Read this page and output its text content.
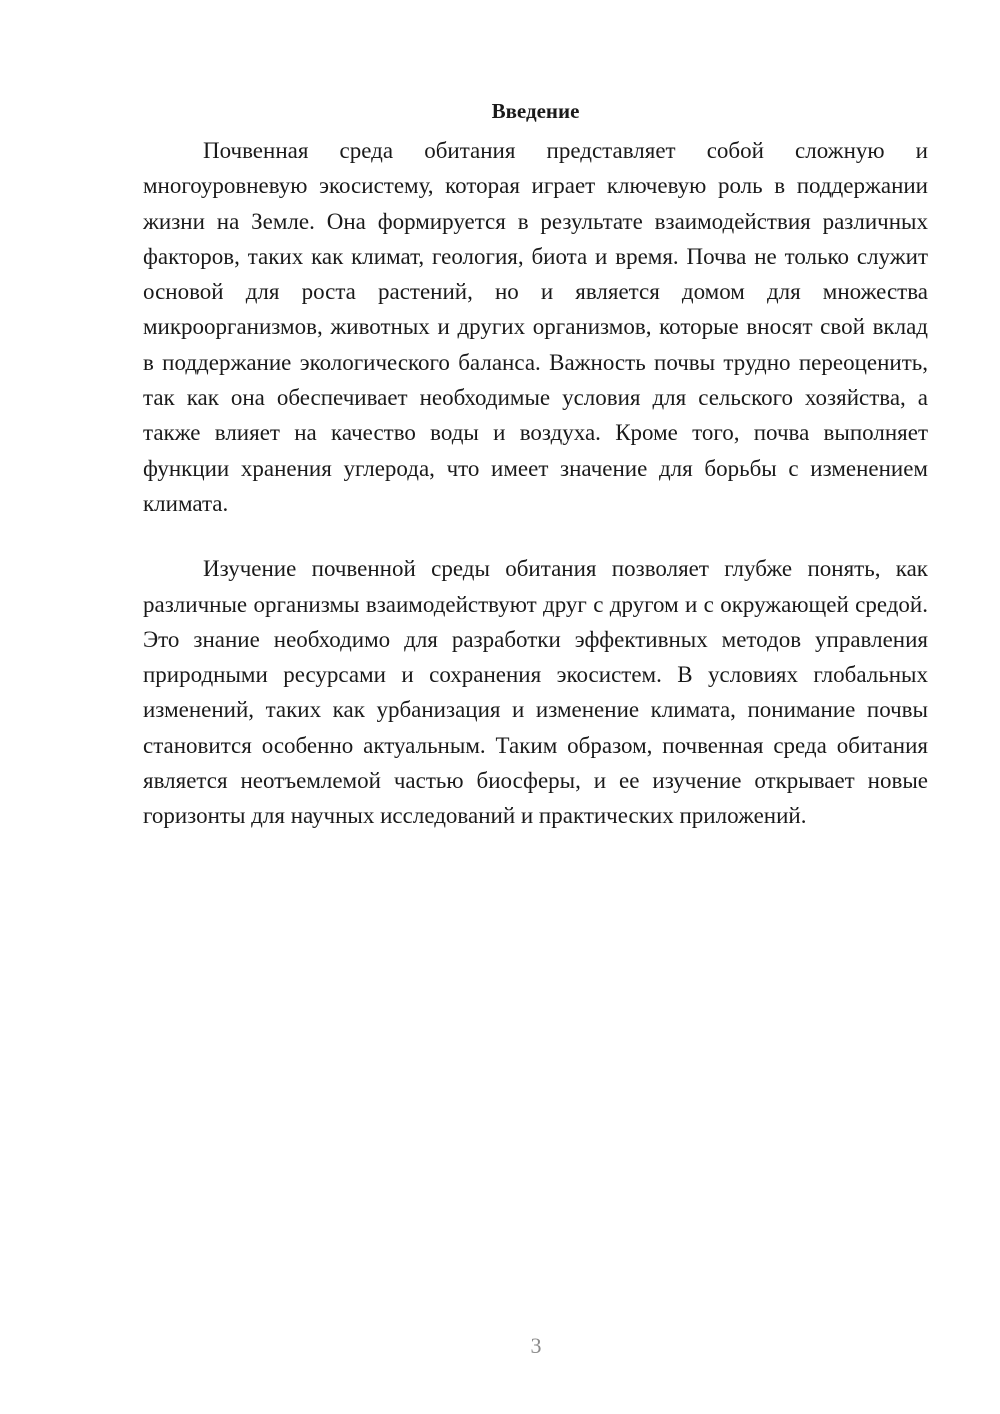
Введение

Почвенная среда обитания представляет собой сложную и многоуровневую экосистему, которая играет ключевую роль в поддержании жизни на Земле. Она формируется в результате взаимодействия различных факторов, таких как климат, геология, биота и время. Почва не только служит основой для роста растений, но и является домом для множества микроорганизмов, животных и других организмов, которые вносят свой вклад в поддержание экологического баланса. Важность почвы трудно переоценить, так как она обеспечивает необходимые условия для сельского хозяйства, а также влияет на качество воды и воздуха. Кроме того, почва выполняет функции хранения углерода, что имеет значение для борьбы с изменением климата.

Изучение почвенной среды обитания позволяет глубже понять, как различные организмы взаимодействуют друг с другом и с окружающей средой. Это знание необходимо для разработки эффективных методов управления природными ресурсами и сохранения экосистем. В условиях глобальных изменений, таких как урбанизация и изменение климата, понимание почвы становится особенно актуальным. Таким образом, почвенная среда обитания является неотъемлемой частью биосферы, и ее изучение открывает новые горизонты для научных исследований и практических приложений.

3
